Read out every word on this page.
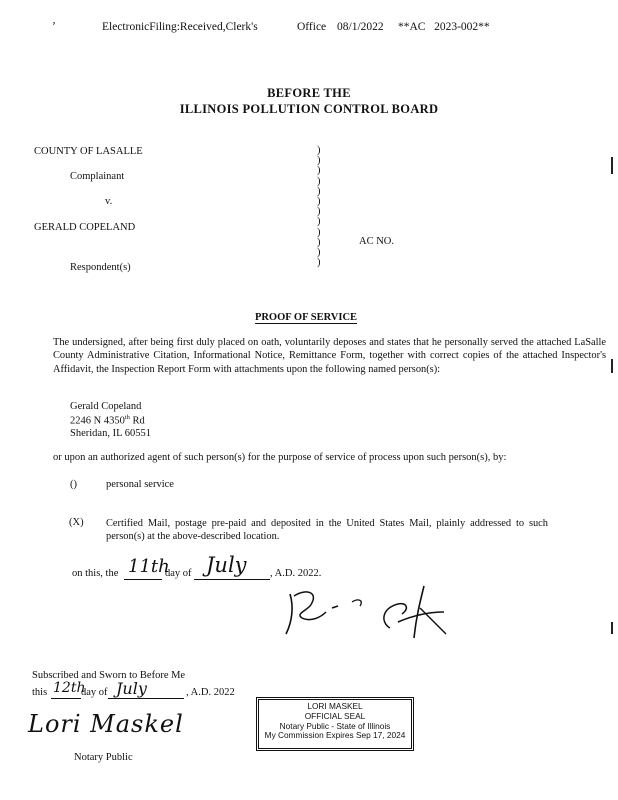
ʼ	ElectronicFiling:Received,Clerk's	Office 08/1/2022 **AC   2023-002**
BEFORE THE
ILLINOIS POLLUTION CONTROL BOARD
COUNTY OF LASALLE
Complainant
v.
GERALD COPELAND
Respondent(s)
)
)
)
)
)
)
)
)
)
)
)
)
AC NO.
PROOF OF SERVICE
The undersigned, after being first duly placed on oath, voluntarily deposes and states that he personally served the attached LaSalle County Administrative Citation, Informational Notice, Remittance Form, together with correct copies of the attached Inspector's Affidavit, the Inspection Report Form with attachments upon the following named person(s):
Gerald Copeland
2246 N 4350th Rd
Sheridan, IL 60551
or upon an authorized agent of such person(s) for the purpose of service of process upon such person(s), by:
()	personal service
(X) Certified Mail, postage pre-paid and deposited in the United States Mail, plainly addressed to such person(s) at the above-described location.
on this, the 11th
day of July , A.D. 2022.
Subscribed and Sworn to Before Me
this 12th
day of July	, A.D. 2022
Lori Maskel
Notary Public
LORI MASKEL
OFFICIAL SEAL
Notary Public - State of Illinois
My Commission Expires Sep 17, 2024
